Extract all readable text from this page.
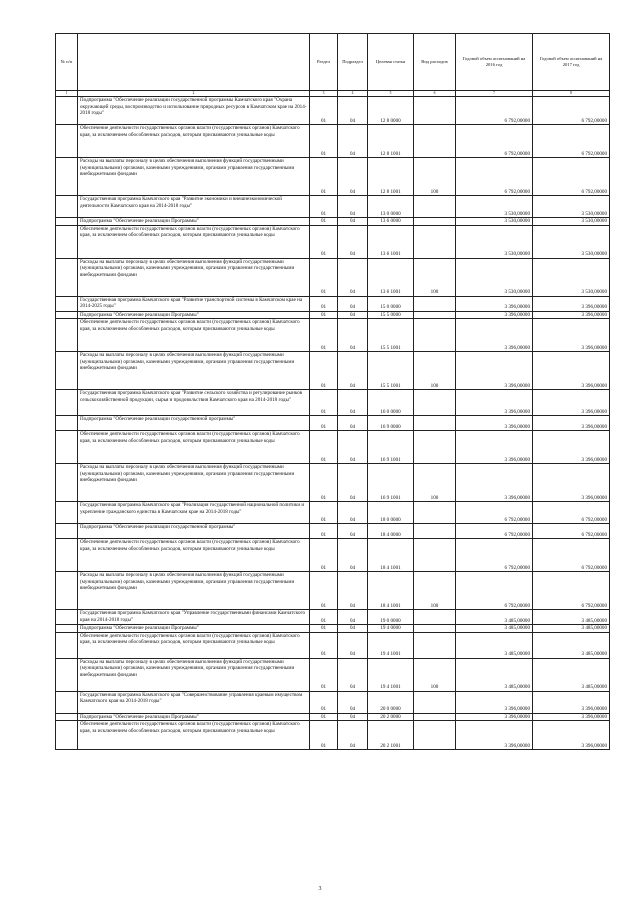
№ п/п		Раздел	Подраздел	Целевая статья	Вид расходов	Годовой объем ассигнований на 2016 год	Годовой объем ассигнований на 2017 год
1	2	3	4	5	6	7	8
	Подпрограмма "Обеспечение реализации государственной программы Камчатского края "Охрана окружающей среды, воспроизводство и использование природных ресурсов в Камчатском крае на 2014-2018 годы"	01	04	12 8 0000		6 792,00000	6 792,00000
	Обеспечение деятельности государственных органов власти (государственных органов) Камчатского края, за исключением обособленных расходов, которым присваиваются уникальные коды	01	04	12 8 1001		6 792,00000	6 792,00000
	Расходы на выплаты персоналу в целях обеспечения выполнения функций государственными (муниципальными) органами, казенными учреждениями, органами управления государственными внебюджетными фондами	01	04	12 8 1001	100	6 792,00000	6 792,00000
	Государственная программа Камчатского края "Развитие экономики и внешнеэкономической деятельности Камчатского края на 2014-2018 годы"	01	04	13 0 0000		3 530,00000	3 530,00000
	Подпрограмма "Обеспечение реализации Программы"	01	04	13 6 0000		3 530,00000	3 530,00000
	Обеспечение деятельности государственных органов власти (государственных органов) Камчатского края, за исключением обособленных расходов, которым присваиваются уникальные коды	01	04	13 6 1001		3 530,00000	3 530,00000
	Расходы на выплаты персоналу в целях обеспечения выполнения функций государственными (муниципальными) органами, казенными учреждениями, органами управления государственными внебюджетными фондами	01	04	13 6 1001	100	3 530,00000	3 530,00000
	Государственная программа Камчатского края "Развитие транспортной системы в Камчатском крае на 2014-2025 годы"	01	04	15 0 0000		3 396,00000	3 396,00000
	Подпрограмма "Обеспечение реализации Программы"	01	04	15 5 0000		3 396,00000	3 396,00000
	Обеспечение деятельности государственных органов власти (государственных органов) Камчатского края, за исключением обособленных расходов, которым присваиваются уникальные коды	01	04	15 5 1001		3 396,00000	3 396,00000
	Расходы на выплаты персоналу в целях обеспечения выполнения функций государственными (муниципальными) органами, казенными учреждениями, органами управления государственными внебюджетными фондами	01	04	15 5 1001	100	3 396,00000	3 396,00000
	Государственная программа Камчатского края "Развитие сельского хозяйства и регулирование рынков сельскохозяйственной продукции, сырья и продовольствия Камчатского края на 2014-2018 годы"	01	04	16 0 0000		3 396,00000	3 396,00000
	Подпрограмма "Обеспечение реализации государственной программы"	01	04	16 9 0000		3 396,00000	3 396,00000
	Обеспечение деятельности государственных органов власти (государственных органов) Камчатского края, за исключением обособленных расходов, которым присваиваются уникальные коды	01	04	16 9 1001		3 396,00000	3 396,00000
	Расходы на выплаты персоналу в целях обеспечения выполнения функций государственными (муниципальными) органами, казенными учреждениями, органами управления государственными внебюджетными фондами	01	04	16 9 1001	100	3 396,00000	3 396,00000
	Государственная программа Камчатского края "Реализация государственной национальной политики и укрепление гражданского единства в Камчатском крае на 2014-2018 годы"	01	04	18 0 0000		6 792,00000	6 792,00000
	Подпрограмма "Обеспечение реализации государственной программы"	01	04	18 4 0000		6 792,00000	6 792,00000
	Обеспечение деятельности государственных органов власти (государственных органов) Камчатского края, за исключением обособленных расходов, которым присваиваются уникальные коды	01	04	18 4 1001		6 792,00000	6 792,00000
	Расходы на выплаты персоналу в целях обеспечения выполнения функций государственными (муниципальными) органами, казенными учреждениями, органами управления государственными внебюджетными фондами	01	04	18 4 1001	100	6 792,00000	6 792,00000
	Государственная программа Камчатского края "Управление государственными финансами Камчатского края на 2014-2018 годы"	01	04	19 0 0000		3 485,00000	3 485,00000
	Подпрограмма "Обеспечение реализации Программы"	01	04	19 4 0000		3 485,00000	3 485,00000
	Обеспечение деятельности государственных органов власти (государственных органов) Камчатского края, за исключением обособленных расходов, которым присваиваются уникальные коды	01	04	19 4 1001		3 485,00000	3 485,00000
	Расходы на выплаты персоналу в целях обеспечения выполнения функций государственными (муниципальными) органами, казенными учреждениями, органами управления государственными внебюджетными фондами	01	04	19 4 1001	100	3 485,00000	3 485,00000
	Государственная программа Камчатского края "Совершенствование управления краевым имуществом Камчатского края на 2014-2018 годы"	01	04	20 0 0000		3 396,00000	3 396,00000
	Подпрограмма "Обеспечение реализации Программы"	01	04	20 2 0000		3 396,00000	3 396,00000
	Обеспечение деятельности государственных органов власти (государственных органов) Камчатского края, за исключением обособленных расходов, которым присваиваются уникальные коды	01	04	20 2 1001		3 396,00000	3 396,00000
3
